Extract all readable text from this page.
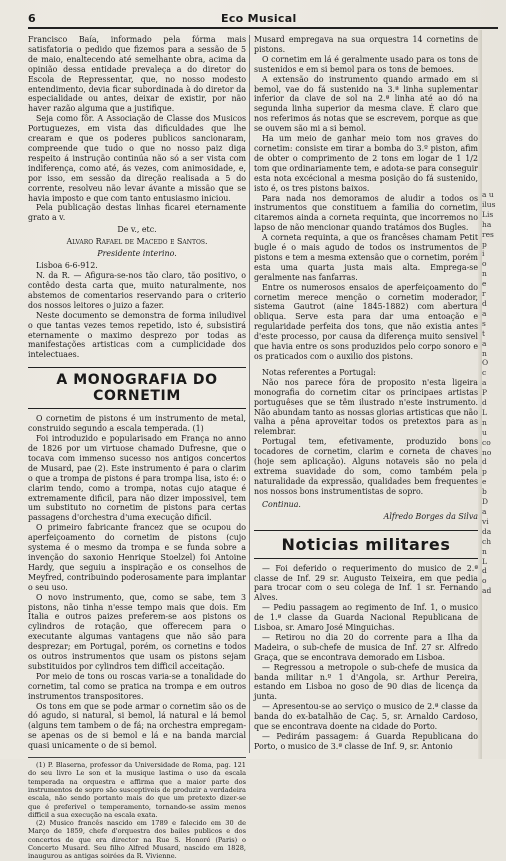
6	Eco Musical

Francisco Baía, informado pela fórma mais satisfatoria o pedido que fizemos para a sessão de 5 de maio, enaltecendo até semelhante obra, acima da opinião dessa entidade prevaleça a do diretor do Escola de Repressentar, que, no nosso modesto entendimento, devia ficar subordinada à do diretor da especialidade ou antes, deixar de existir, por não haver razão alguma que a justifique.

Seja como fôr. A Associação de Classe dos Musicos Portuguezes, em vista das dificuldades que lhe crearam e que os poderes publicos sancionaram, compreende que tudo o que no nosso paiz diga respeito á instrução continúa não só a ser vista com indiferença, como até, ás vezes, com animosidade, e, por isso, em sessão da direção realisada a 5 do corrente, resolveu não levar ávante a missão que se havia imposto e que com tanto entusiasmo iniciou.

Pela publicação destas linhas ficarei eternamente grato a v.

De v., etc.
Alvaro Rafael de Macedo e Santos.
Presidente interino.
Lisboa 6-6-912.

N. da R. — Afigura-se-nos tão claro, tão positivo, o contêdo desta carta que, muito naturalmente, nos abstemos de comentarios reservando para o criterio dos nossos leitores o juizo a fazer.

Neste documento se demonstra de forma iniludivel o que tantas vezes temos repetido, isto é, subsistirá eternamente o maximo desprezo por todas as manifestações artisticas com a cumplicidade dos intelectuaes.

A MONOGRAFIA DO CORNETIM

O cornetim de pistons é um instrumento de metal, construido segundo a escala temperada. (1)

Foi introduzido e popularisado em França no anno de 1826 por um virtuose chamado Dufresne, que o tocava com immenso sucesso nos antigos concertos de Musard, pae (2). Este instrumento é para o clarim o que a trompa de pistons é para trompa lisa, isto é: o clarim tendo, como a trompa, notas cujo ataque é extremamente dificil, para não dizer impossivel, tem um substituto no cornetim de pistons para certas passagens d'orchestra d'uma execução dificil.

O primeiro fabricante francez que se ocupou do aperfeiçoamento do cornetim de pistons (cujo systema é o mesmo da trompa e se funda sobre a invenção do saxonio Henrique Stoelzel) foi Antoine Hardy, que seguiu a inspiração e os conselhos de Meyfred, contribuindo poderosamente para implantar o seu uso.

O novo instrumento, que, como se sabe, tem 3 pistons, não tinha n'esse tempo mais que dois. Em Italia e outros paizes preferem-se aos pistons os cylindros de rotação, que offerecem para o executante algumas vantagens que não são para desprezar; em Portugal, porém, os cornetins e todos os outros instrumentos que usam os pistons sejam substituidos por cylindros tem difficil acceitação.

Por meio de tons ou roscas varia-se a tonalidade do cornetim, tal como se pratica na trompa e em outros instrumentos transpositores.

Os tons em que se pode armar o cornetim são os de dó agudo, si natural, si bemol, lá natural e lá bemol (alguns tem tambem o de fá; na orchestra empregam-se apenas os de si bemol e lá e na banda marcial quasi unicamente o de si bemol.

(1) P. Blaserna, professor da Universidade de Roma, pag. 121 do seu livro Le son et la musique lastima o uso da escala temperada na orquestra e affirma que a maior parte dos instrumentos de sopro são susceptiveis de produzir a verdadeira escala, não sendo portanto mais do que um pretexto dizer-se que é preferivel o temperamento, tornando-se assim menos difficil a sua execução na escala exata.

(2) Musico francês nascido em 1789 e falecido em 30 de Março de 1859, chefe d'orquestra dos bailes publicos e dos concertos de que era director na Rue S. Honoré (Paris) o Concerto Musard. Seu filho Alfred Musard, nascido em 1828, inaugurou as antigas soirées da R. Vivienne.

Musard empregava na sua orquestra 14 cornetins de pistons.

O cornetim em lá é geralmente usado para os tons de sustenidos e em si bemol para os tons de bemoes.

A extensão do instrumento quando armado em si bemol, vae do fá sustenido na 3.ª linha suplementar inferior da clave de sol na 2.ª linha até ao dó na segunda linha superior da mesma clave. É claro que nos referimos ás notas que se escrevem, porque as que se ouvem são mi a si bemol.

Ha um meio de ganhar meio tom nos graves do cornetim: consiste em tirar a bomba do 3.º piston, afim de obter o comprimento de 2 tons em logar de 1 1/2 tom que ordinariamente tem, e adota-se para conseguir esta nota excécional a mesma posição do fá sustenido, isto é, os tres pistons baixos.

Para nada nos demoramos de aludir a todos os instrumentos que constituem a familia do cornetim, citaremos ainda a corneta requinta, que incorremos no lapso de não mencionar quando tratámos dos Bugles.

A corneta requinta, a que os francêses chamam Petit bugle é o mais agudo de todos os instrumentos de pistons e tem a mesma extensão que o cornetim, porém esta uma quarta justa mais alta. Emprega-se geralmente nas fanfarras.

Entre os numerosos ensaios de aperfeiçoamento do cornetim merece menção o cornetim moderador, sistema Gautrot (aine 1845-1882) com abertura obliqua. Serve esta para dar uma entoação e regularidade perfeita dos tons, que não existia antes d'este processo, por causa da diferença muito sensivel que havia entre os sons produzidos pelo corpo sonoro e os praticados com o auxilio dos pistons.

Notas referentes a Portugal:

Não nos parece fóra de proposito n'esta ligeira monografia do cornetim citar os principaes artistas portuguêses que se têm ilustrado n'este instrumento. Não abundam tanto as nossas glorias artisticas que não valha a pêna aproveitar todos os pretextos para as relembrar.

Portugal tem, efetivamente, produzido bons tocadores de cornetim, clarim e corneta de chaves (hoje sem aplicação). Alguns notaveis são no pela extrema suavidade do som, como também pela naturalidade da expressão, qualidades bem frequentes nos nossos bons instrumentistas de sopro.

Continua.
Alfredo Borges da Silva
Noticias militares

— Foi deferido o requerimento do musico de 2.ª classe de Inf. 29 sr. Augusto Teixeira, em que pedia para trocar com o seu colega de Inf. 1 sr. Fernando Alves.

— Pediu passagem ao regimento de Inf. 1, o musico de 1.ª classe da Guarda Nacional Republicana de Lisboa, sr. Amaro José Minguichas.

— Retirou no dia 20 do corrente para a Ilha da Madeira, o sub-chefe de musica de Inf. 27 sr. Alfredo Graça, que se encontrava demorado em Lisboa.

— Regressou a metropole o sub-chefe de musica da banda militar n.º 1 d'Angola, sr. Arthur Pereira, estando em Lisboa no goso de 90 dias de licença da junta.

— Apresentou-se ao serviço o musico de 2.ª classe da banda do ex-batalhão de Caç. 5, sr. Arnaldo Cardoso, que se encontrava doente na cidade do Porto.

— Pedirám passagem: á Guarda Republicana do Porto, o musico de 3.ª classe de Inf. 9, sr. Antonio

a u
ilus
Lis
ha
res
p
i
o
n
e
r
d
a
s
t
a
n
O
c
a
P
d
L
n
u
co
no
d
p
e
b
D
a
vi
da
ch
n
L
d
o
ad
